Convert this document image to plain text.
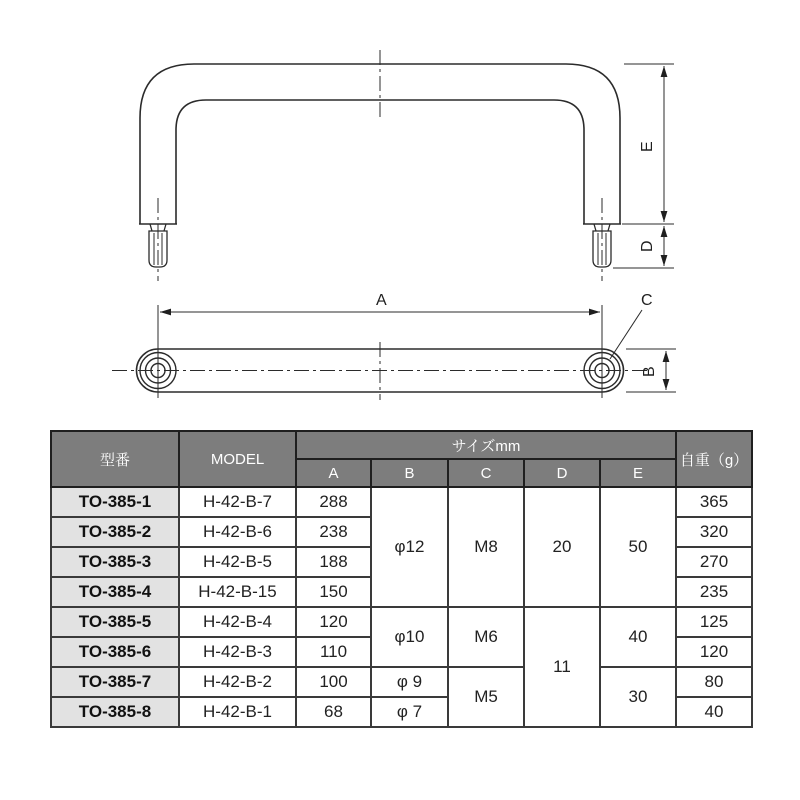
E
D
A	C
B
型番	MODEL	サイズmm					自重（g）
		A	B	C	D	E	
TO-385-1	H-42-B-7	288	φ12	M8	20	50	365
TO-385-2	H-42-B-6	238					320
TO-385-3	H-42-B-5	188					270
TO-385-4	H-42-B-15	150					235
TO-385-5	H-42-B-4	120	φ10	M6	11	40	125
TO-385-6	H-42-B-3	110					120
TO-385-7	H-42-B-2	100	φ 9	M5		30	80
TO-385-8	H-42-B-1	68	φ 7				40
